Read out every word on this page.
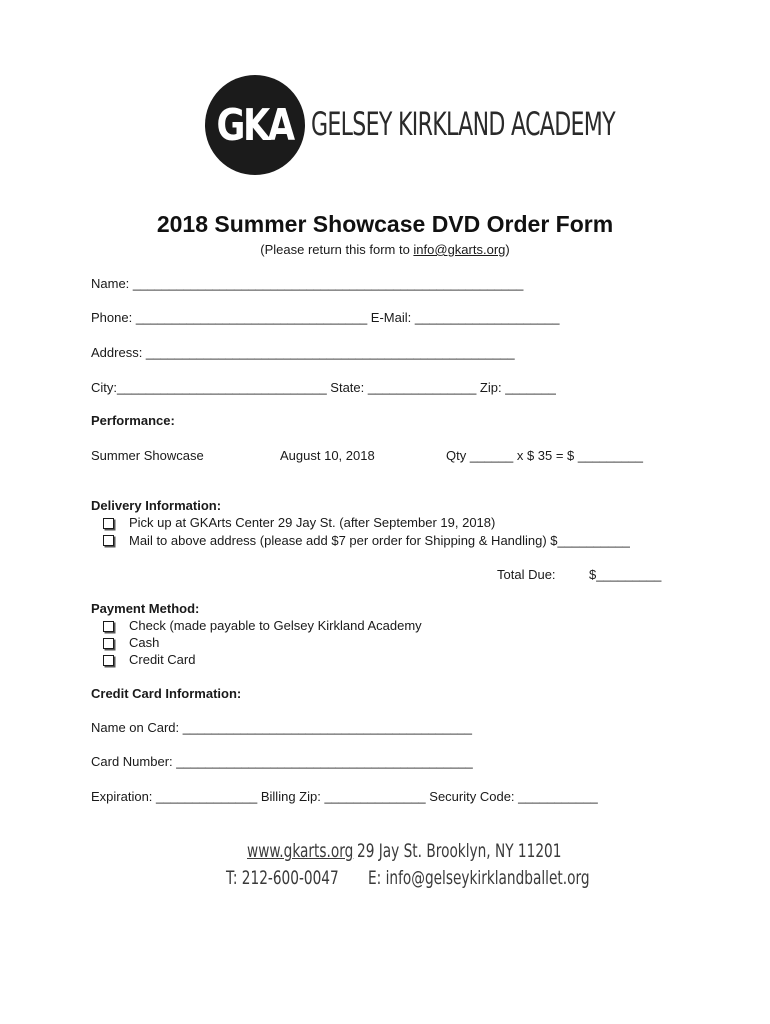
GKA GELSEY KIRKLAND ACADEMY
2018 Summer Showcase DVD Order Form
(Please return this form to info@gkarts.org)
Name: ______________________________________________________
Phone: ________________________________ E-Mail: ____________________
Address: ___________________________________________________
City:_____________________________ State: _______________ Zip: _______
Performance:
Summer Showcase	August 10, 2018	Qty ______ x $ 35 = $ _________
Delivery Information:
Pick up at GKArts Center 29 Jay St. (after September 19, 2018)
Mail to above address (please add $7 per order for Shipping & Handling) $__________
Total Due:	$_________
Payment Method:
Check (made payable to Gelsey Kirkland Academy
Cash
Credit Card
Credit Card Information:
Name on Card: ________________________________________
Card Number: _________________________________________
Expiration: ______________ Billing Zip: ______________ Security Code: ___________
www.gkarts.org 29 Jay St. Brooklyn, NY 11201
T: 212-600-0047 E: info@gelseykirklandballet.org
